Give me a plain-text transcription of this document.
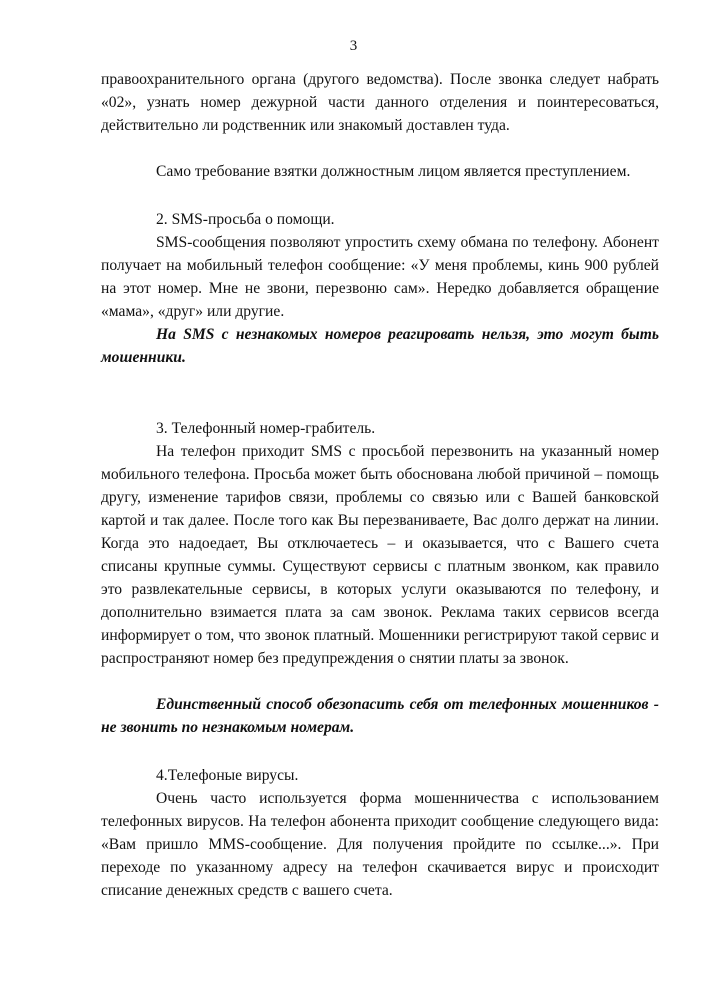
3

правоохранительного органа (другого ведомства). После звонка следует набрать «02», узнать номер дежурной части данного отделения и поинтересоваться, действительно ли родственник или знакомый доставлен туда.

Само требование взятки должностным лицом является преступлением.

2. SMS-просьба о помощи.

SMS-сообщения позволяют упростить схему обмана по телефону. Абонент получает на мобильный телефон сообщение: «У меня проблемы, кинь 900 рублей на этот номер. Мне не звони, перезвоню сам». Нередко добавляется обращение «мама», «друг» или другие.

На SMS с незнакомых номеров реагировать нельзя, это могут быть мошенники.

3. Телефонный номер-грабитель.

На телефон приходит SMS с просьбой перезвонить на указанный номер мобильного телефона. Просьба может быть обоснована любой причиной – помощь другу, изменение тарифов связи, проблемы со связью или с Вашей банковской картой и так далее. После того как Вы перезваниваете, Вас долго держат на линии. Когда это надоедает, Вы отключаетесь – и оказывается, что с Вашего счета списаны крупные суммы. Существуют сервисы с платным звонком, как правило это развлекательные сервисы, в которых услуги оказываются по телефону, и дополнительно взимается плата за сам звонок. Реклама таких сервисов всегда информирует о том, что звонок платный. Мошенники регистрируют такой сервис и распространяют номер без предупреждения о снятии платы за звонок.

Единственный способ обезопасить себя от телефонных мошенников - не звонить по незнакомым номерам.

4.Телефоные вирусы.

Очень часто используется форма мошенничества с использованием телефонных вирусов. На телефон абонента приходит сообщение следующего вида: «Вам пришло MMS-сообщение. Для получения пройдите по ссылке...». При переходе по указанному адресу на телефон скачивается вирус и происходит списание денежных средств с вашего счета.
